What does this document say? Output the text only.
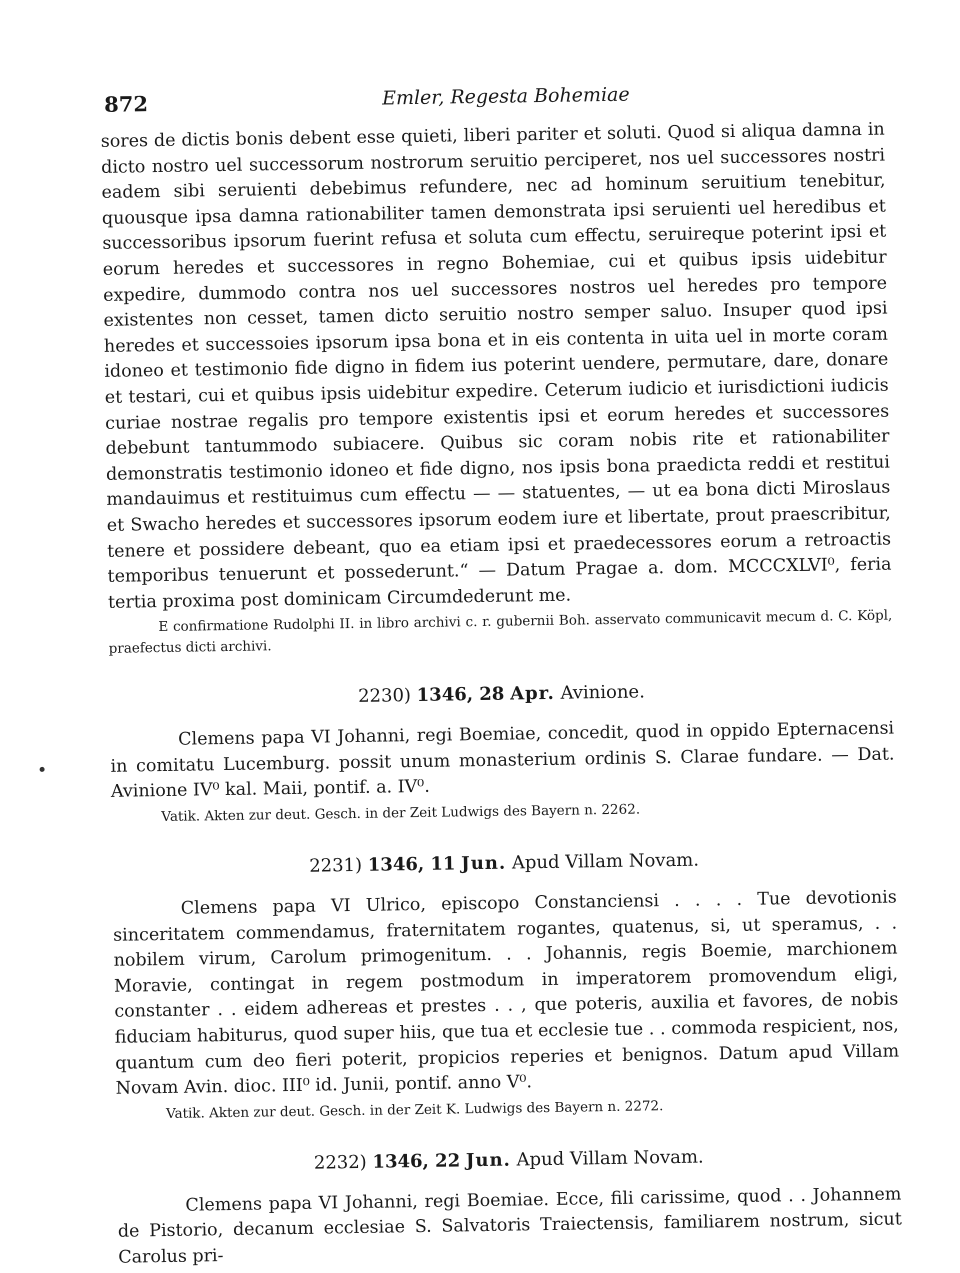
872	Emler, Regesta Bohemiae

sores de dictis bonis debent esse quieti, liberi pariter et soluti. Quod si aliqua damna in dicto nostro uel successorum nostrorum seruitio perciperet, nos uel successores nostri eadem sibi seruienti debebimus refundere, nec ad hominum seruitium tenebitur, quousque ipsa damna rationabiliter tamen demonstrata ipsi seruienti uel heredibus et successoribus ipsorum fuerint refusa et soluta cum effectu, seruireque poterint ipsi et eorum heredes et successores in regno Bohemiae, cui et quibus ipsis uidebitur expedire, dummodo contra nos uel successores nostros uel heredes pro tempore existentes non cesset, tamen dicto seruitio nostro semper saluo. Insuper quod ipsi heredes et successoies ipsorum ipsa bona et in eis contenta in uita uel in morte coram idoneo et testimonio fide digno in fidem ius poterint uendere, permutare, dare, donare et testari, cui et quibus ipsis uidebitur expedire. Ceterum iudicio et iurisdictioni iudicis curiae nostrae regalis pro tempore existentis ipsi et eorum heredes et successores debebunt tantummodo subiacere. Quibus sic coram nobis rite et rationabiliter demonstratis testimonio idoneo et fide digno, nos ipsis bona praedicta reddi et restitui mandauimus et restituimus cum effectu — — statuentes, — ut ea bona dicti Miroslaus et Swacho heredes et successores ipsorum eodem iure et libertate, prout praescribitur, tenere et possidere debeant, quo ea etiam ipsi et praedecessores eorum a retroactis temporibus tenuerunt et possederunt.“ — Datum Pragae a. dom. MCCCXLVI⁰, feria tertia proxima post dominicam Circumdederunt me.

E confirmatione Rudolphi II. in libro archivi c. r. gubernii Boh. asservato communicavit mecum d. C. Köpl, praefectus dicti archivi.

2230) 1346, 28 Apr. Avinione.

Clemens papa VI Johanni, regi Boemiae, concedit, quod in oppido Epternacensi in comitatu Lucemburg. possit unum monasterium ordinis S. Clarae fundare. — Dat. Avinione IV⁰ kal. Maii, pontif. a. IV⁰.

Vatik. Akten zur deut. Gesch. in der Zeit Ludwigs des Bayern n. 2262.

2231) 1346, 11 Jun. Apud Villam Novam.

Clemens papa VI Ulrico, episcopo Constanciensi . . . . Tue devotionis sinceritatem commendamus, fraternitatem rogantes, quatenus, si, ut speramus, . . nobilem virum, Carolum primogenitum. . . Johannis, regis Boemie, marchionem Moravie, contingat in regem postmodum in imperatorem promovendum eligi, constanter . . eidem adhereas et prestes . . , que poteris, auxilia et favores, de nobis fiduciam habiturus, quod super hiis, que tua et ecclesie tue . . commoda respicient, nos, quantum cum deo fieri poterit, propicios reperies et benignos. Datum apud Villam Novam Avin. dioc. III⁰ id. Junii, pontif. anno V⁰.

Vatik. Akten zur deut. Gesch. in der Zeit K. Ludwigs des Bayern n. 2272.

2232) 1346, 22 Jun. Apud Villam Novam.

Clemens papa VI Johanni, regi Boemiae. Ecce, fili carissime, quod . . Johannem de Pistorio, decanum ecclesiae S. Salvatoris Traiectensis, familiarem nostrum, sicut Carolus pri-
